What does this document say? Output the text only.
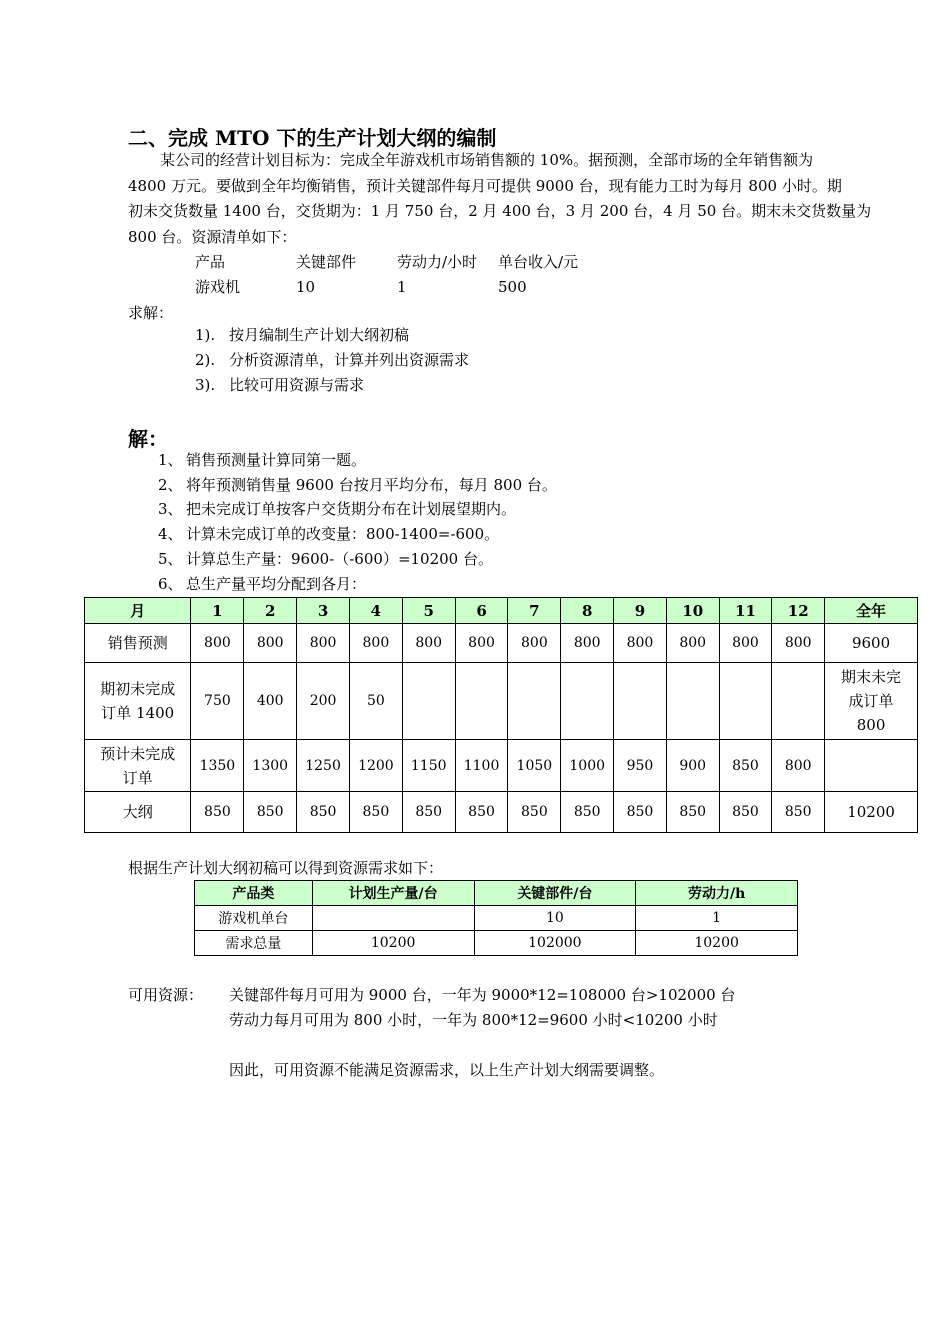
二、完成 MTO 下的生产计划大纲的编制
某公司的经营计划目标为：完成全年游戏机市场销售额的 10%。据预测，全部市场的全年销售额为
4800 万元。要做到全年均衡销售，预计关键部件每月可提供 9000 台，现有能力工时为每月 800 小时。期
初未交货数量 1400 台，交货期为：1 月 750 台，2 月 400 台，3 月 200 台，4 月 50 台。期末未交货数量为
800 台。资源清单如下：
产品	关键部件	劳动力/小时	单台收入/元
游戏机	10	1	500
求解：
1). 按月编制生产计划大纲初稿
2). 分析资源清单，计算并列出资源需求
3). 比较可用资源与需求
解：
1、 销售预测量计算同第一题。
2、 将年预测销售量 9600 台按月平均分布，每月 800 台。
3、 把未完成订单按客户交货期分布在计划展望期内。
4、 计算未完成订单的改变量：800-1400=-600。
5、 计算总生产量：9600-（-600）=10200 台。
6、 总生产量平均分配到各月：
月	1	2	3	4	5	6	7	8	9	10	11	12	全年
销售预测	800	800	800	800	800	800	800	800	800	800	800	800	9600
期初未完成订单 1400	750	400	200	50									期末未完成订单 800
预计未完成订单	1350	1300	1250	1200	1150	1100	1050	1000	950	900	850	800	
大纲	850	850	850	850	850	850	850	850	850	850	850	850	10200
根据生产计划大纲初稿可以得到资源需求如下：
产品类	计划生产量/台	关键部件/台	劳动力/h
游戏机单台		10	1
需求总量	10200	102000	10200
可用资源： 关键部件每月可用为 9000 台，一年为 9000*12=108000 台>102000 台
劳动力每月可用为 800 小时，一年为 800*12=9600 小时<10200 小时
因此，可用资源不能满足资源需求，以上生产计划大纲需要调整。
